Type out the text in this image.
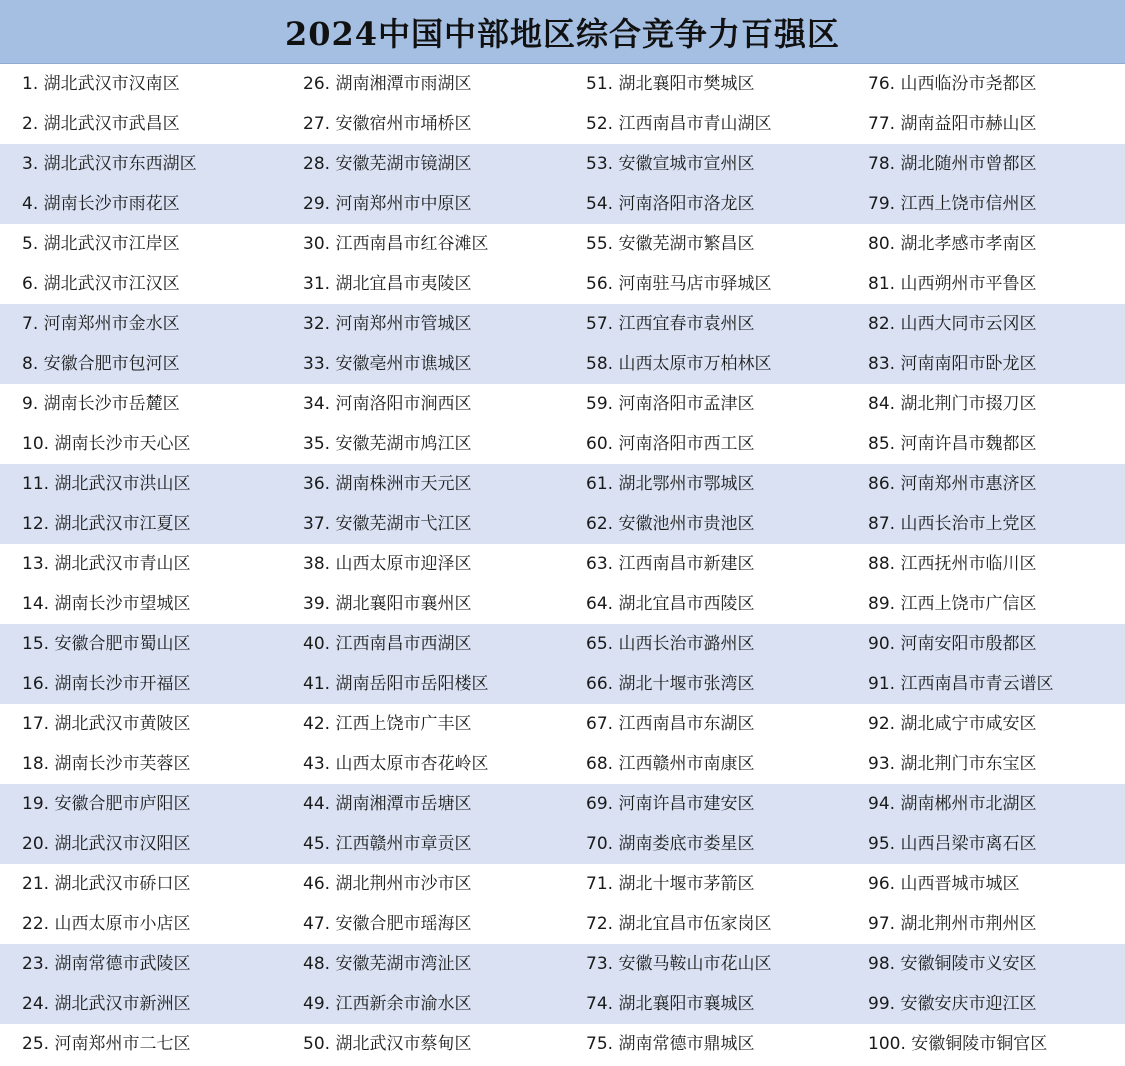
2024中国中部地区综合竞争力百强区
1. 湖北武汉市汉南区	26. 湖南湘潭市雨湖区	51. 湖北襄阳市樊城区	76. 山西临汾市尧都区
2. 湖北武汉市武昌区	27. 安徽宿州市埇桥区	52. 江西南昌市青山湖区	77. 湖南益阳市赫山区
3. 湖北武汉市东西湖区	28. 安徽芜湖市镜湖区	53. 安徽宣城市宣州区	78. 湖北随州市曾都区
4. 湖南长沙市雨花区	29. 河南郑州市中原区	54. 河南洛阳市洛龙区	79. 江西上饶市信州区
5. 湖北武汉市江岸区	30. 江西南昌市红谷滩区	55. 安徽芜湖市繁昌区	80. 湖北孝感市孝南区
6. 湖北武汉市江汉区	31. 湖北宜昌市夷陵区	56. 河南驻马店市驿城区	81. 山西朔州市平鲁区
7. 河南郑州市金水区	32. 河南郑州市管城区	57. 江西宜春市袁州区	82. 山西大同市云冈区
8. 安徽合肥市包河区	33. 安徽亳州市谯城区	58. 山西太原市万柏林区	83. 河南南阳市卧龙区
9. 湖南长沙市岳麓区	34. 河南洛阳市涧西区	59. 河南洛阳市孟津区	84. 湖北荆门市掇刀区
10. 湖南长沙市天心区	35. 安徽芜湖市鸠江区	60. 河南洛阳市西工区	85. 河南许昌市魏都区
11. 湖北武汉市洪山区	36. 湖南株洲市天元区	61. 湖北鄂州市鄂城区	86. 河南郑州市惠济区
12. 湖北武汉市江夏区	37. 安徽芜湖市弋江区	62. 安徽池州市贵池区	87. 山西长治市上党区
13. 湖北武汉市青山区	38. 山西太原市迎泽区	63. 江西南昌市新建区	88. 江西抚州市临川区
14. 湖南长沙市望城区	39. 湖北襄阳市襄州区	64. 湖北宜昌市西陵区	89. 江西上饶市广信区
15. 安徽合肥市蜀山区	40. 江西南昌市西湖区	65. 山西长治市潞州区	90. 河南安阳市殷都区
16. 湖南长沙市开福区	41. 湖南岳阳市岳阳楼区	66. 湖北十堰市张湾区	91. 江西南昌市青云谱区
17. 湖北武汉市黄陂区	42. 江西上饶市广丰区	67. 江西南昌市东湖区	92. 湖北咸宁市咸安区
18. 湖南长沙市芙蓉区	43. 山西太原市杏花岭区	68. 江西赣州市南康区	93. 湖北荆门市东宝区
19. 安徽合肥市庐阳区	44. 湖南湘潭市岳塘区	69. 河南许昌市建安区	94. 湖南郴州市北湖区
20. 湖北武汉市汉阳区	45. 江西赣州市章贡区	70. 湖南娄底市娄星区	95. 山西吕梁市离石区
21. 湖北武汉市硚口区	46. 湖北荆州市沙市区	71. 湖北十堰市茅箭区	96. 山西晋城市城区
22. 山西太原市小店区	47. 安徽合肥市瑶海区	72. 湖北宜昌市伍家岗区	97. 湖北荆州市荆州区
23. 湖南常德市武陵区	48. 安徽芜湖市湾沚区	73. 安徽马鞍山市花山区	98. 安徽铜陵市义安区
24. 湖北武汉市新洲区	49. 江西新余市渝水区	74. 湖北襄阳市襄城区	99. 安徽安庆市迎江区
25. 河南郑州市二七区	50. 湖北武汉市蔡甸区	75. 湖南常德市鼎城区	100. 安徽铜陵市铜官区
